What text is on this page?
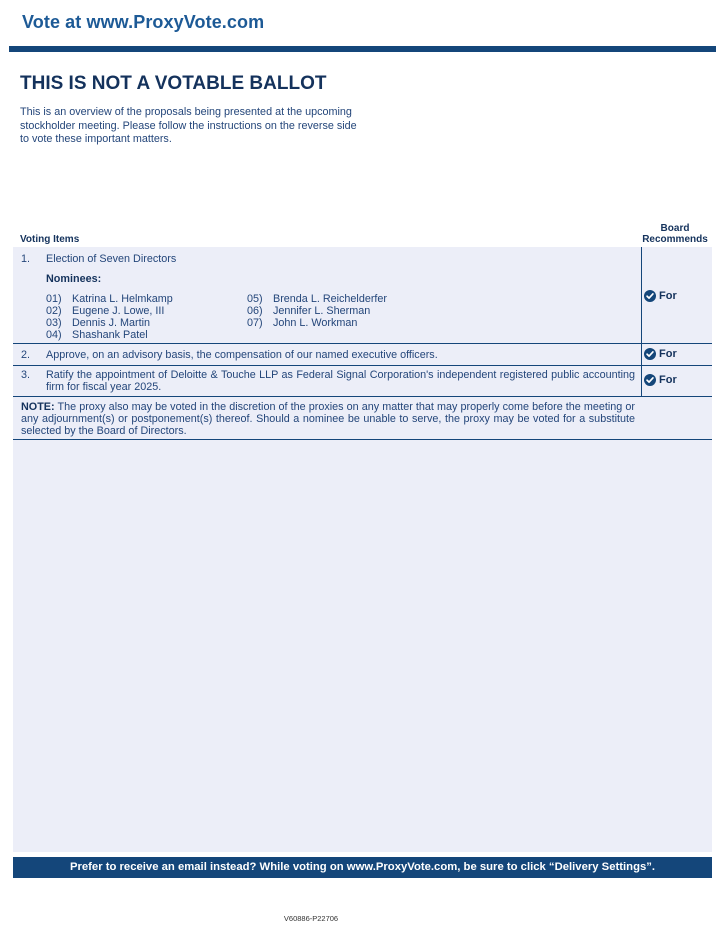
Vote at www.ProxyVote.com
THIS IS NOT A VOTABLE BALLOT
This is an overview of the proposals being presented at the upcoming stockholder meeting. Please follow the instructions on the reverse side to vote these important matters.
Voting Items
Board
Recommends
1. Election of Seven Directors
Nominees:
01) Katrina L. Helmkamp
02) Eugene J. Lowe, III
03) Dennis J. Martin
04) Shashank Patel
05) Brenda L. Reichelderfer
06) Jennifer L. Sherman
07) John L. Workman
For
2. Approve, on an advisory basis, the compensation of our named executive officers.	For
3. Ratify the appointment of Deloitte & Touche LLP as Federal Signal Corporation's independent registered public accounting firm for fiscal year 2025.
For
NOTE: The proxy also may be voted in the discretion of the proxies on any matter that may properly come before the meeting or any adjournment(s) or postponement(s) thereof. Should a nominee be unable to serve, the proxy may be voted for a substitute selected by the Board of Directors.
Prefer to receive an email instead? While voting on www.ProxyVote.com, be sure to click “Delivery Settings”.
V60886-P22706
